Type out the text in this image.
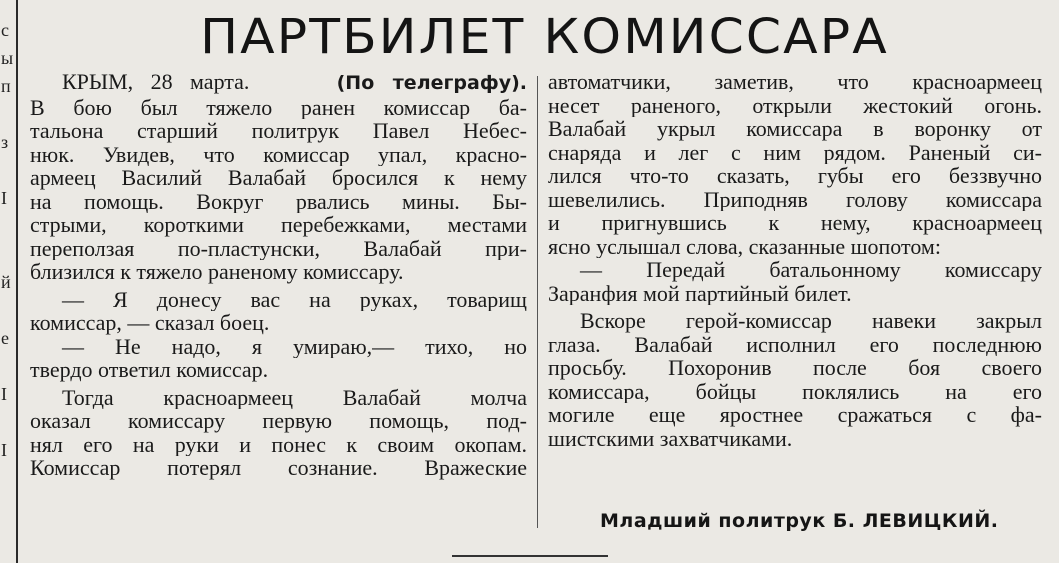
с
ы
п
з
I
й
е
I
I
ПАРТБИЛЕТ КОМИССАРА
КРЫМ, 28 марта.	(По телеграфу).
В бою был тяжело ранен комиссар ба-
тальона старший политрук Павел Небес-
нюк. Увидев, что комиссар упал, красно-
армеец Василий Валабай бросился к нему
на помощь. Вокруг рвались мины. Бы-
стрыми, короткими перебежками, местами
переползая по-пластунски, Валабай при-
близился к тяжело раненому комиссару.
— Я донесу вас на руках, товарищ
комиссар, — сказал боец.
— Не надо, я умираю,— тихо, но
твердо ответил комиссар.
Тогда красноармеец Валабай молча
оказал комиссару первую помощь, под-
нял его на руки и понес к своим окопам.
Комиссар потерял сознание. Вражеские
автоматчики, заметив, что красноармеец
несет раненого, открыли жестокий огонь.
Валабай укрыл комиссара в воронку от
снаряда и лег с ним рядом. Раненый си-
лился что-то сказать, губы его беззвучно
шевелились. Приподняв голову комиссара
и пригнувшись к нему, красноармеец
ясно услышал слова, сказанные шопотом:
— Передай батальонному комиссару
Заранфия мой партийный билет.
Вскоре герой-комиссар навеки закрыл
глаза. Валабай исполнил его последнюю
просьбу. Похоронив после боя своего
комиссара, бойцы поклялись на его
могиле еще яростнее сражаться с фа-
шистскими захватчиками.
Младший политрук Б. ЛЕВИЦКИЙ.
